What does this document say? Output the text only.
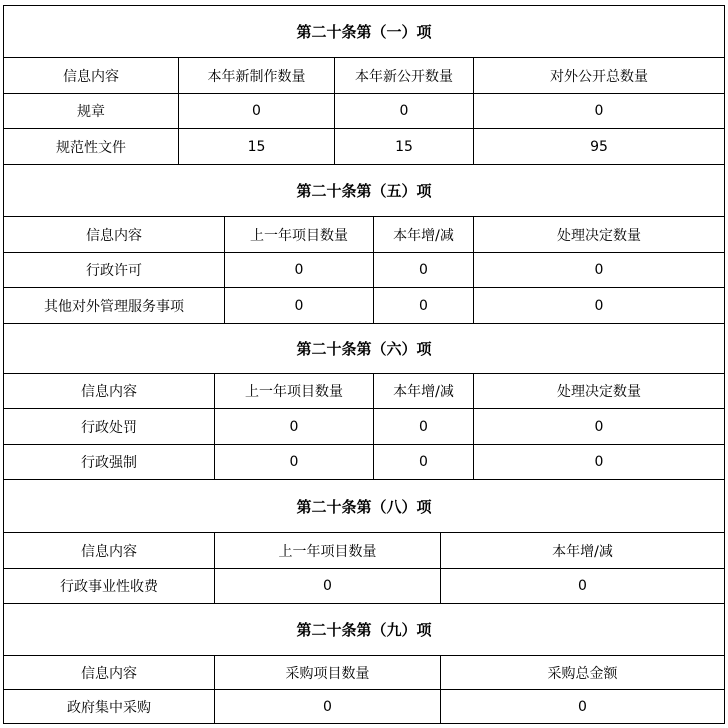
第二十条第（一）项			
信息内容	本年新制作数量	本年新公开数量	对外公开总数量
规章	0	0	0
规范性文件	15	15	95
第二十条第（五）项			
信息内容	上一年项目数量	本年增/减	处理决定数量
行政许可	0	0	0
其他对外管理服务事项	0	0	0
第二十条第（六）项			
信息内容	上一年项目数量	本年增/减	处理决定数量
行政处罚	0	0	0
行政强制	0	0	0
第二十条第（八）项		
信息内容	上一年项目数量	本年增/减
行政事业性收费	0	0
第二十条第（九）项		
信息内容	采购项目数量	采购总金额
政府集中采购	0	0
